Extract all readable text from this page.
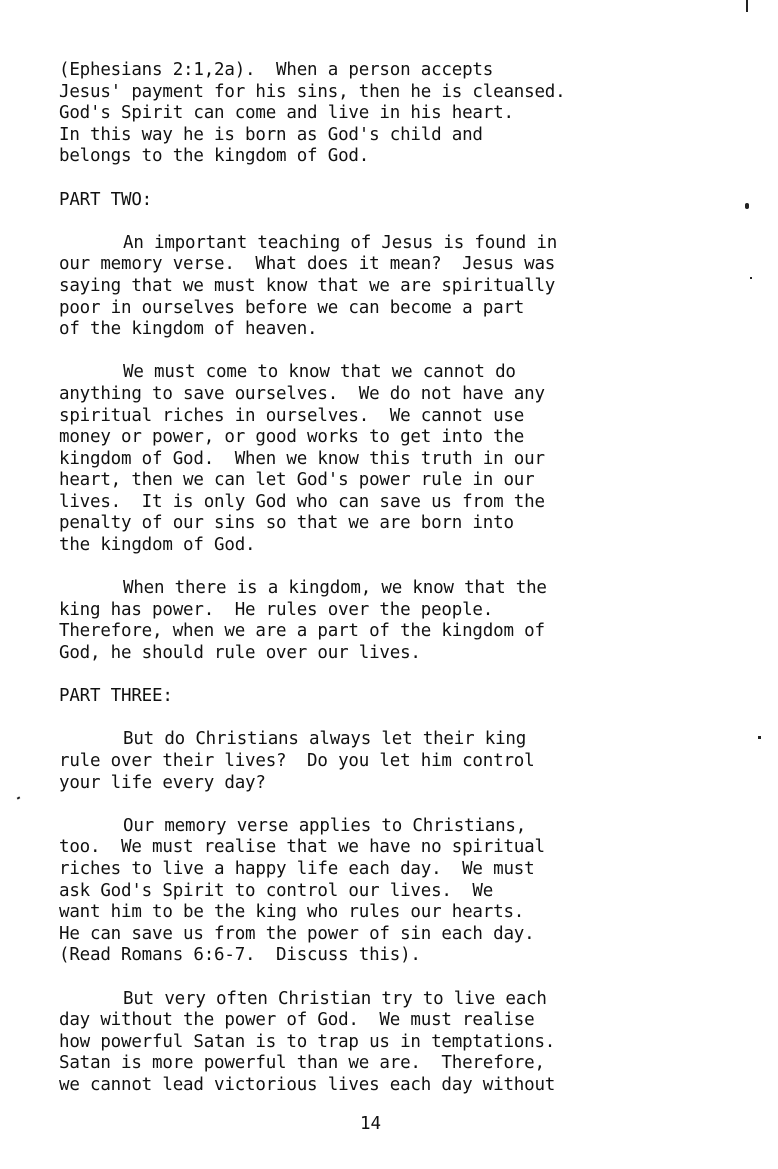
(Ephesians 2:1,2a).  When a person accepts
Jesus' payment for his sins, then he is cleansed.
God's Spirit can come and live in his heart.
In this way he is born as God's child and
belongs to the kingdom of God.
PART TWO:
An important teaching of Jesus is found in
our memory verse.  What does it mean?  Jesus was
saying that we must know that we are spiritually
poor in ourselves before we can become a part
of the kingdom of heaven.
We must come to know that we cannot do
anything to save ourselves.  We do not have any
spiritual riches in ourselves.  We cannot use
money or power, or good works to get into the
kingdom of God.  When we know this truth in our
heart, then we can let God's power rule in our
lives.  It is only God who can save us from the
penalty of our sins so that we are born into
the kingdom of God.
When there is a kingdom, we know that the
king has power.  He rules over the people.
Therefore, when we are a part of the kingdom of
God, he should rule over our lives.
PART THREE:
But do Christians always let their king
rule over their lives?  Do you let him control
your life every day?
Our memory verse applies to Christians,
too.  We must realise that we have no spiritual
riches to live a happy life each day.  We must
ask God's Spirit to control our lives.  We
want him to be the king who rules our hearts.
He can save us from the power of sin each day.
(Read Romans 6:6-7.  Discuss this).
But very often Christian try to live each
day without the power of God.  We must realise
how powerful Satan is to trap us in temptations.
Satan is more powerful than we are.  Therefore,
we cannot lead victorious lives each day without
14
